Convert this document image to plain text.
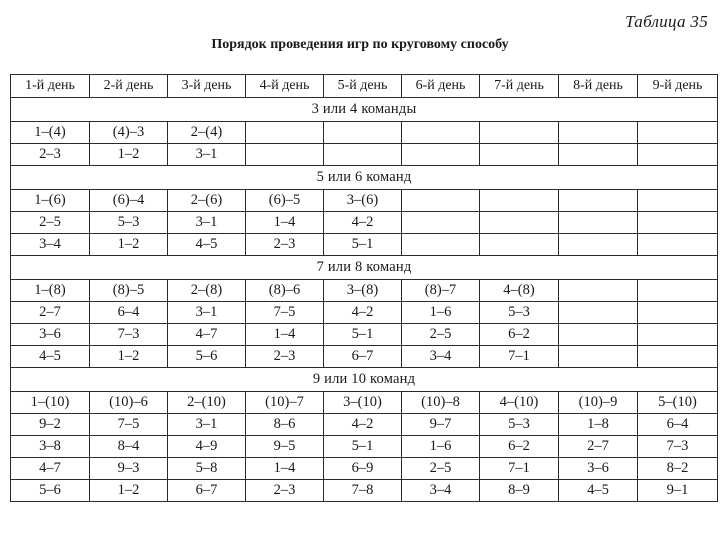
Таблица 35
Порядок проведения игр по круговому способу
1-й день	2-й день	3-й день	4-й день	5-й день	6-й день	7-й день	8-й день	9-й день
3 или 4 команды								
1–(4)	(4)–3	2–(4)						
2–3	1–2	3–1						
5 или 6 команд								
1–(6)	(6)–4	2–(6)	(6)–5	3–(6)				
2–5	5–3	3–1	1–4	4–2				
3–4	1–2	4–5	2–3	5–1				
7 или 8 команд								
1–(8)	(8)–5	2–(8)	(8)–6	3–(8)	(8)–7	4–(8)		
2–7	6–4	3–1	7–5	4–2	1–6	5–3		
3–6	7–3	4–7	1–4	5–1	2–5	6–2		
4–5	1–2	5–6	2–3	6–7	3–4	7–1		
9 или 10 команд								
1–(10)	(10)–6	2–(10)	(10)–7	3–(10)	(10)–8	4–(10)	(10)–9	5–(10)
9–2	7–5	3–1	8–6	4–2	9–7	5–3	1–8	6–4
3–8	8–4	4–9	9–5	5–1	1–6	6–2	2–7	7–3
4–7	9–3	5–8	1–4	6–9	2–5	7–1	3–6	8–2
5–6	1–2	6–7	2–3	7–8	3–4	8–9	4–5	9–1
